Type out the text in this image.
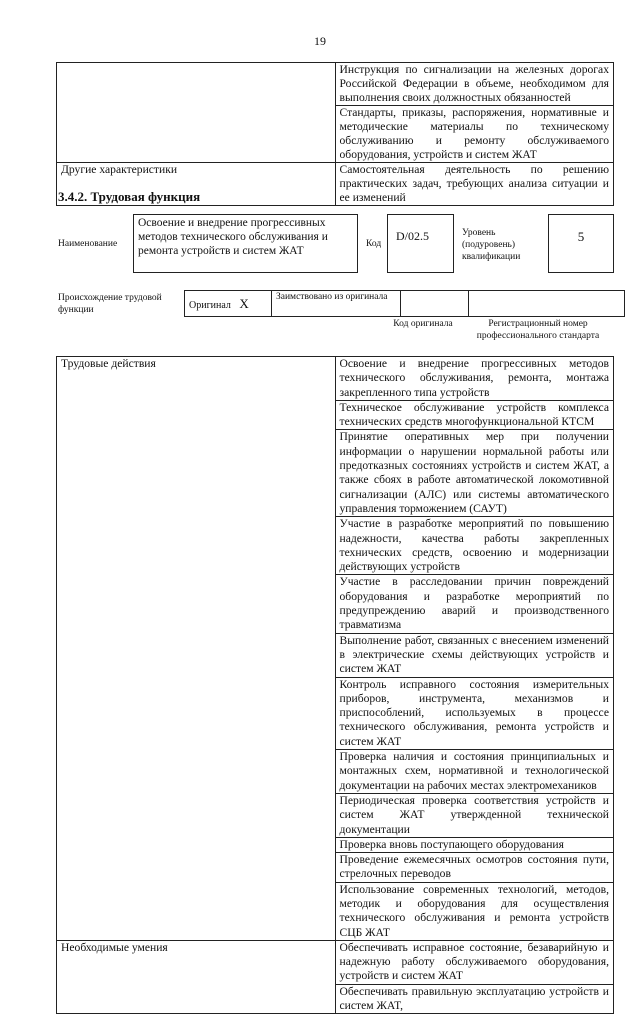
19
	Инструкция по сигнализации на железных дорогах Российской Федерации в объеме, необходимом для выполнения своих должностных обязанностей
	Стандарты, приказы, распоряжения, нормативные и методические материалы по техническому обслуживанию и ремонту обслуживаемого оборудования, устройств и систем ЖАТ
Другие характеристики	Самостоятельная деятельность по решению практических задач, требующих анализа ситуации и ее изменений
3.4.2. Трудовая функция
Наименование
Освоение и внедрение прогрессивных методов технического обслуживания и ремонта устройств и систем ЖАТ
Код
D/02.5	Уровень (подуровень) квалификации
5
Происхождение трудовой функции	Оригинал X	Заимствовано из оригинала		
Код оригинала	Регистрационный номер профессионального стандарта
Трудовые действия	Освоение и внедрение прогрессивных методов технического обслуживания, ремонта, монтажа закрепленного типа устройств
	Техническое обслуживание устройств комплекса технических средств многофункциональной КТСМ
	Принятие оперативных мер при получении информации о нарушении нормальной работы или предотказных состояниях устройств и систем ЖАТ, а также сбоях в работе автоматической локомотивной сигнализации (АЛС) или системы автоматического управления торможением (САУТ)
	Участие в разработке мероприятий по повышению надежности, качества работы закрепленных технических средств, освоению и модернизации действующих устройств
	Участие в расследовании причин повреждений оборудования и разработке мероприятий по предупреждению аварий и производственного травматизма
	Выполнение работ, связанных с внесением изменений в электрические схемы действующих устройств и систем ЖАТ
	Контроль исправного состояния измерительных приборов, инструмента, механизмов и приспособлений, используемых в процессе технического обслуживания, ремонта устройств и систем ЖАТ
	Проверка наличия и состояния принципиальных и монтажных схем, нормативной и технологической документации на рабочих местах электромехаников
	Периодическая проверка соответствия устройств и систем ЖАТ утвержденной технической документации
	Проверка вновь поступающего оборудования
	Проведение ежемесячных осмотров состояния пути, стрелочных переводов
	Использование современных технологий, методов, методик и оборудования для осуществления технического обслуживания и ремонта устройств СЦБ ЖАТ
Необходимые умения	Обеспечивать исправное состояние, безаварийную и надежную работу обслуживаемого оборудования, устройств и систем ЖАТ
	Обеспечивать правильную эксплуатацию устройств и систем ЖАТ,
